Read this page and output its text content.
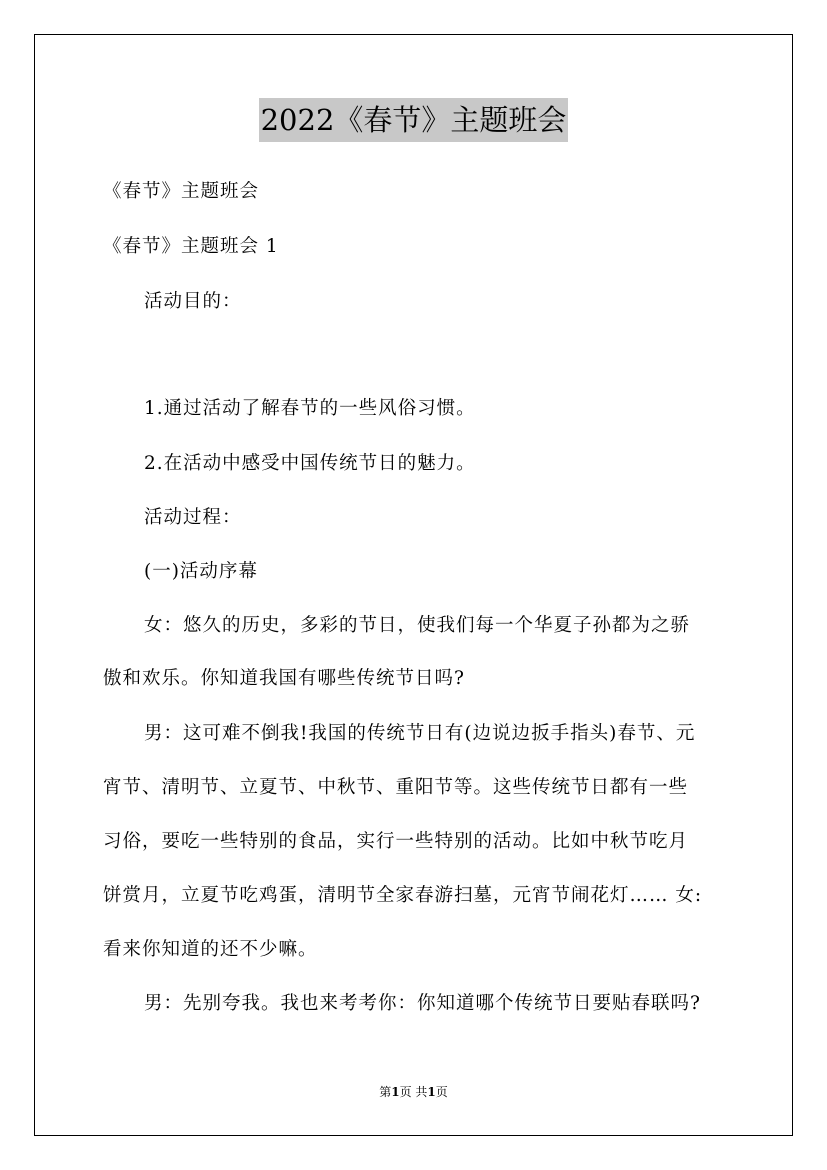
2022《春节》主题班会
《春节》主题班会
《春节》主题班会 1
活动目的：
1.通过活动了解春节的一些风俗习惯。
2.在活动中感受中国传统节日的魅力。
活动过程：
(一)活动序幕
女：悠久的历史，多彩的节日，使我们每一个华夏子孙都为之骄
傲和欢乐。你知道我国有哪些传统节日吗?
男：这可难不倒我!我国的传统节日有(边说边扳手指头)春节、元
宵节、清明节、立夏节、中秋节、重阳节等。这些传统节日都有一些
习俗，要吃一些特别的食品，实行一些特别的活动。比如中秋节吃月
饼赏月，立夏节吃鸡蛋，清明节全家春游扫墓，元宵节闹花灯…… 女:
看来你知道的还不少嘛。
男：先别夸我。我也来考考你：你知道哪个传统节日要贴春联吗?
第1页 共1页
